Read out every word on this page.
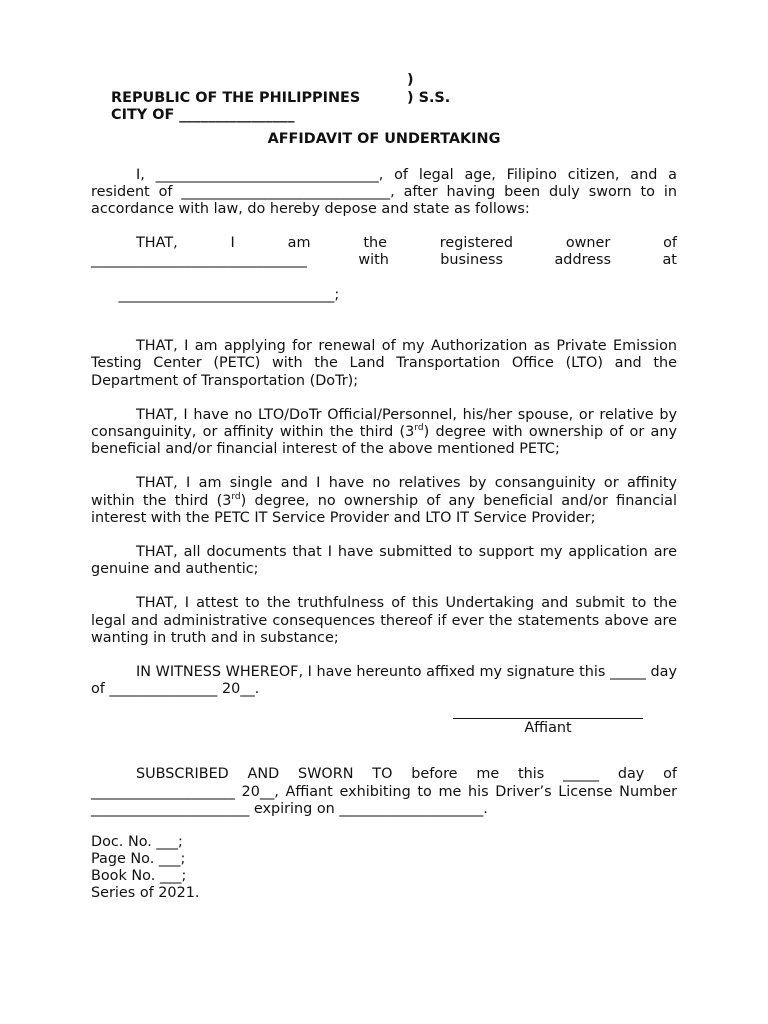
REPUBLIC OF THE PHILIPPINES

)

CITY OF ________________

) S.S.

AFFIDAVIT OF UNDERTAKING

I, _______________________________, of legal age, Filipino citizen, and a resident of _____________________________, after having been duly sworn to in accordance with law, do hereby depose and state as follows:

THAT,	I	am	the	registered	owner	of
______________________________	with	business	address	at

______________________________;

THAT, I am applying for renewal of my Authorization as Private Emission Testing Center (PETC) with the Land Transportation Office (LTO) and the Department of Transportation (DoTr);

THAT, I have no LTO/DoTr Official/Personnel, his/her spouse, or relative by consanguinity, or affinity within the third (3rd) degree with ownership of or any beneficial and/or financial interest of the above mentioned PETC;

THAT, I am single and I have no relatives by consanguinity or affinity within the third (3rd) degree, no ownership of any beneficial and/or financial interest with the PETC IT Service Provider and LTO IT Service Provider;

THAT, all documents that I have submitted to support my application are genuine and authentic;

THAT, I attest to the truthfulness of this Undertaking and submit to the legal and administrative consequences thereof if ever the statements above are wanting in truth and in substance;

IN WITNESS WHEREOF, I have hereunto affixed my signature this _____ day of _______________ 20__.

Affiant

SUBSCRIBED AND SWORN TO before me this _____ day of ____________________ 20__, Affiant exhibiting to me his Driver’s License Number ______________________ expiring on ____________________.

Doc. No. ___;
Page No. ___;
Book No. ___;
Series of 2021.
